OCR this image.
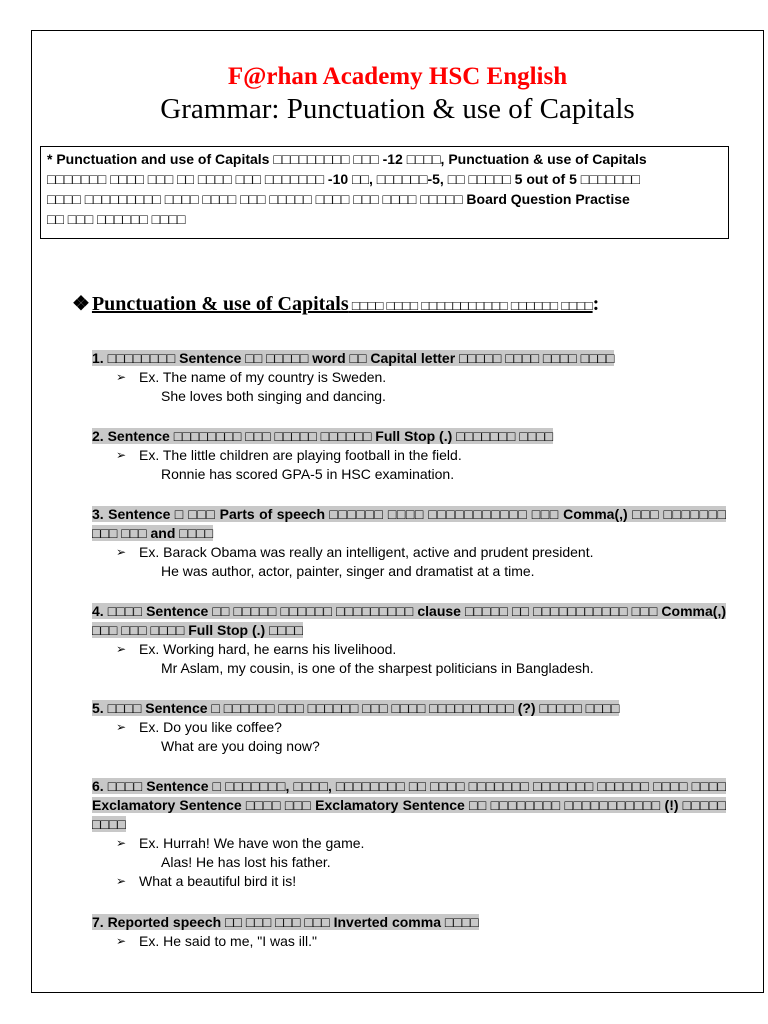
F@rhan Academy HSC English
Grammar: Punctuation & use of Capitals
* Punctuation and use of Capitals □□□□□□□□□ □□□ -12 □□□□, Punctuation & use of Capitals
□□□□□□□ □□□□ □□□ □□ □□□□ □□□ □□□□□□□ -10 □□, □□□□□□-5, □□ □□□□□ 5 out of 5 □□□□□□□
□□□□ □□□□□□□□□ □□□□ □□□□ □□□ □□□□□ □□□□ □□□ □□□□ □□□□□ Board Question Practise
□□ □□□ □□□□□□ □□□□
❖ Punctuation & use of Capitals □□□□ □□□□ □□□□□□□□□□□ □□□□□□ □□□□:
1. □□□□□□□□ Sentence □□ □□□□□ word □□ Capital letter □□□□□ □□□□ □□□□ □□□□
➢ Ex. The name of my country is Sweden.
She loves both singing and dancing.
2. Sentence □□□□□□□□ □□□ □□□□□ □□□□□□ Full Stop (.) □□□□□□□ □□□□
➢ Ex. The little children are playing football in the field.
Ronnie has scored GPA-5 in HSC examination.
3. Sentence □ □□□ Parts of speech □□□□□□ □□□□ □□□□□□□□□□□ □□□ Comma(,) □□□ □□□□□□□ □□□ □□□ and □□□□
➢ Ex. Barack Obama was really an intelligent, active and prudent president.
He was author, actor, painter, singer and dramatist at a time.
4. □□□□ Sentence □□ □□□□□ □□□□□□ □□□□□□□□□ clause □□□□□ □□ □□□□□□□□□□□ □□□ Comma(,) □□□ □□□ □□□□ Full Stop (.) □□□□
➢ Ex. Working hard, he earns his livelihood.
Mr Aslam, my cousin, is one of the sharpest politicians in Bangladesh.
5. □□□□ Sentence □ □□□□□□ □□□ □□□□□□ □□□ □□□□ □□□□□□□□□□ (?) □□□□□ □□□□
➢ Ex. Do you like coffee?
What are you doing now?
6. □□□□ Sentence □ □□□□□□□, □□□□, □□□□□□□□ □□ □□□□ □□□□□□□ □□□□□□□ □□□□□□ □□□□ □□□□ Exclamatory Sentence □□□□ □□□ Exclamatory Sentence □□ □□□□□□□□ □□□□□□□□□□□ (!) □□□□□ □□□□
➢ Ex. Hurrah! We have won the game.
Alas! He has lost his father.
➢ What a beautiful bird it is!
7. Reported speech □□ □□□ □□□ □□□ Inverted comma □□□□
➢ Ex. He said to me, "I was ill."
